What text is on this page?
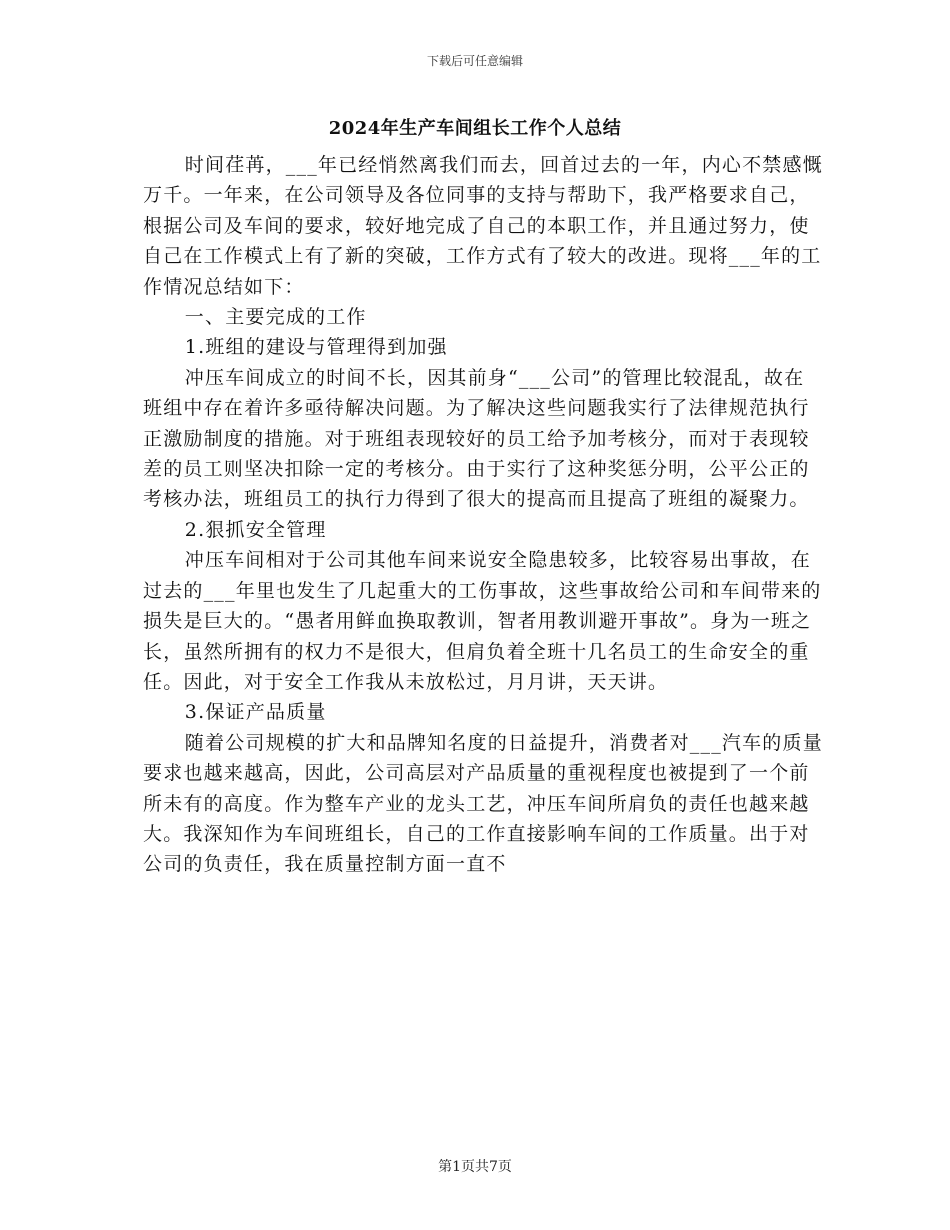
下载后可任意编辑
2024年生产车间组长工作个人总结

时间荏苒，___年已经悄然离我们而去，回首过去的一年，内心不禁感慨万千。一年来，在公司领导及各位同事的支持与帮助下，我严格要求自己，根据公司及车间的要求，较好地完成了自己的本职工作，并且通过努力，使自己在工作模式上有了新的突破，工作方式有了较大的改进。现将___年的工作情况总结如下：

一、主要完成的工作

1.班组的建设与管理得到加强

冲压车间成立的时间不长，因其前身“___公司”的管理比较混乱，故在班组中存在着许多亟待解决问题。为了解决这些问题我实行了法律规范执行正激励制度的措施。对于班组表现较好的员工给予加考核分，而对于表现较差的员工则坚决扣除一定的考核分。由于实行了这种奖惩分明，公平公正的考核办法，班组员工的执行力得到了很大的提高而且提高了班组的凝聚力。

2.狠抓安全管理

冲压车间相对于公司其他车间来说安全隐患较多，比较容易出事故，在过去的___年里也发生了几起重大的工伤事故，这些事故给公司和车间带来的损失是巨大的。“愚者用鲜血换取教训，智者用教训避开事故”。身为一班之长，虽然所拥有的权力不是很大，但肩负着全班十几名员工的生命安全的重任。因此，对于安全工作我从未放松过，月月讲，天天讲。

3.保证产品质量

随着公司规模的扩大和品牌知名度的日益提升，消费者对___汽车的质量要求也越来越高，因此，公司高层对产品质量的重视程度也被提到了一个前所未有的高度。作为整车产业的龙头工艺，冲压车间所肩负的责任也越来越大。我深知作为车间班组长，自己的工作直接影响车间的工作质量。出于对公司的负责任，我在质量控制方面一直不

第1页共7页
